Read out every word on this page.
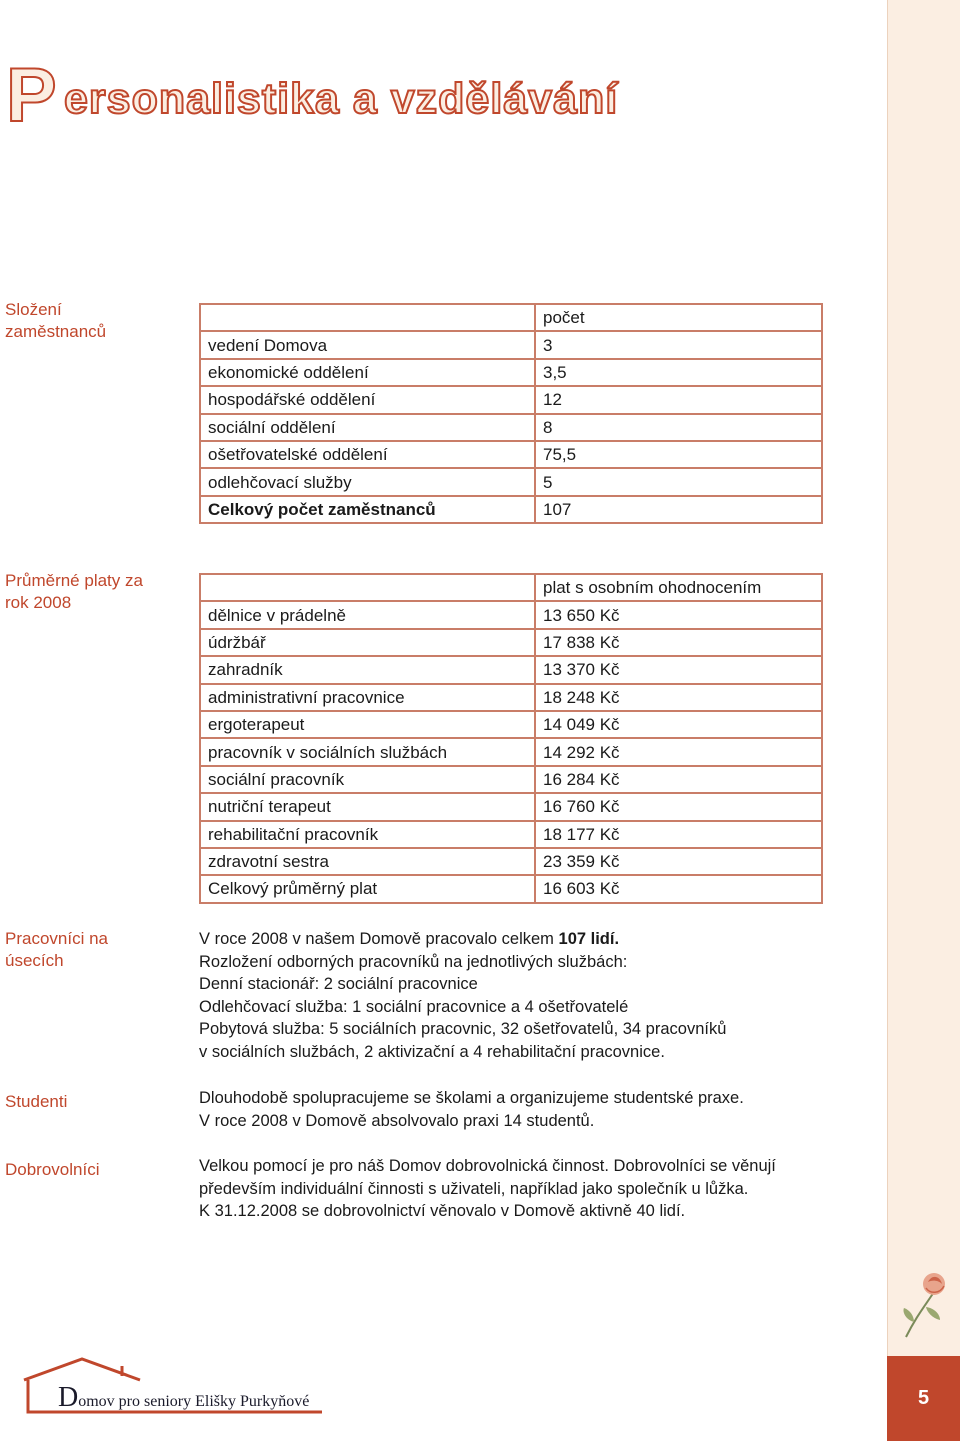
5
P ersonalistika a vzdělávání
Složení zaměstnanců
	počet
vedení Domova	3
ekonomické oddělení	3,5
hospodářské oddělení	12
sociální oddělení	8
ošetřovatelské oddělení	75,5
odlehčovací služby	5
Celkový počet zaměstnanců	107
Průměrné platy za rok 2008
	plat s osobním ohodnocením
dělnice v prádelně	13 650 Kč
údržbář	17 838 Kč
zahradník	13 370 Kč
administrativní pracovnice	18 248 Kč
ergoterapeut	14 049 Kč
pracovník v sociálních službách	14 292 Kč
sociální pracovník	16 284 Kč
nutriční terapeut	16 760 Kč
rehabilitační pracovník	18 177 Kč
zdravotní sestra	23 359 Kč
Celkový průměrný plat	16 603 Kč
Pracovníci na úsecích

V roce 2008 v našem Domově pracovalo celkem 107 lidí.

Rozložení odborných pracovníků na jednotlivých službách:

Denní stacionář: 2 sociální pracovnice

Odlehčovací služba: 1 sociální pracovnice a 4 ošetřovatelé

Pobytová služba: 5 sociálních pracovnic, 32 ošetřovatelů, 34 pracovníků

v sociálních službách, 2 aktivizační a 4 rehabilitační pracovnice.

Studenti	Dlouhodobě spolupracujeme se školami a organizujeme studentské praxe.

V roce 2008 v Domově absolvovalo praxi 14 studentů.

Dobrovolníci	Velkou pomocí je pro náš Domov dobrovolnická činnost. Dobrovolníci se věnují

především individuální činnosti s uživateli, například jako společník u lůžka.

K 31.12.2008 se dobrovolnictví věnovalo v Domově aktivně 40 lidí.

Domov pro seniory Elišky Purkyňové
